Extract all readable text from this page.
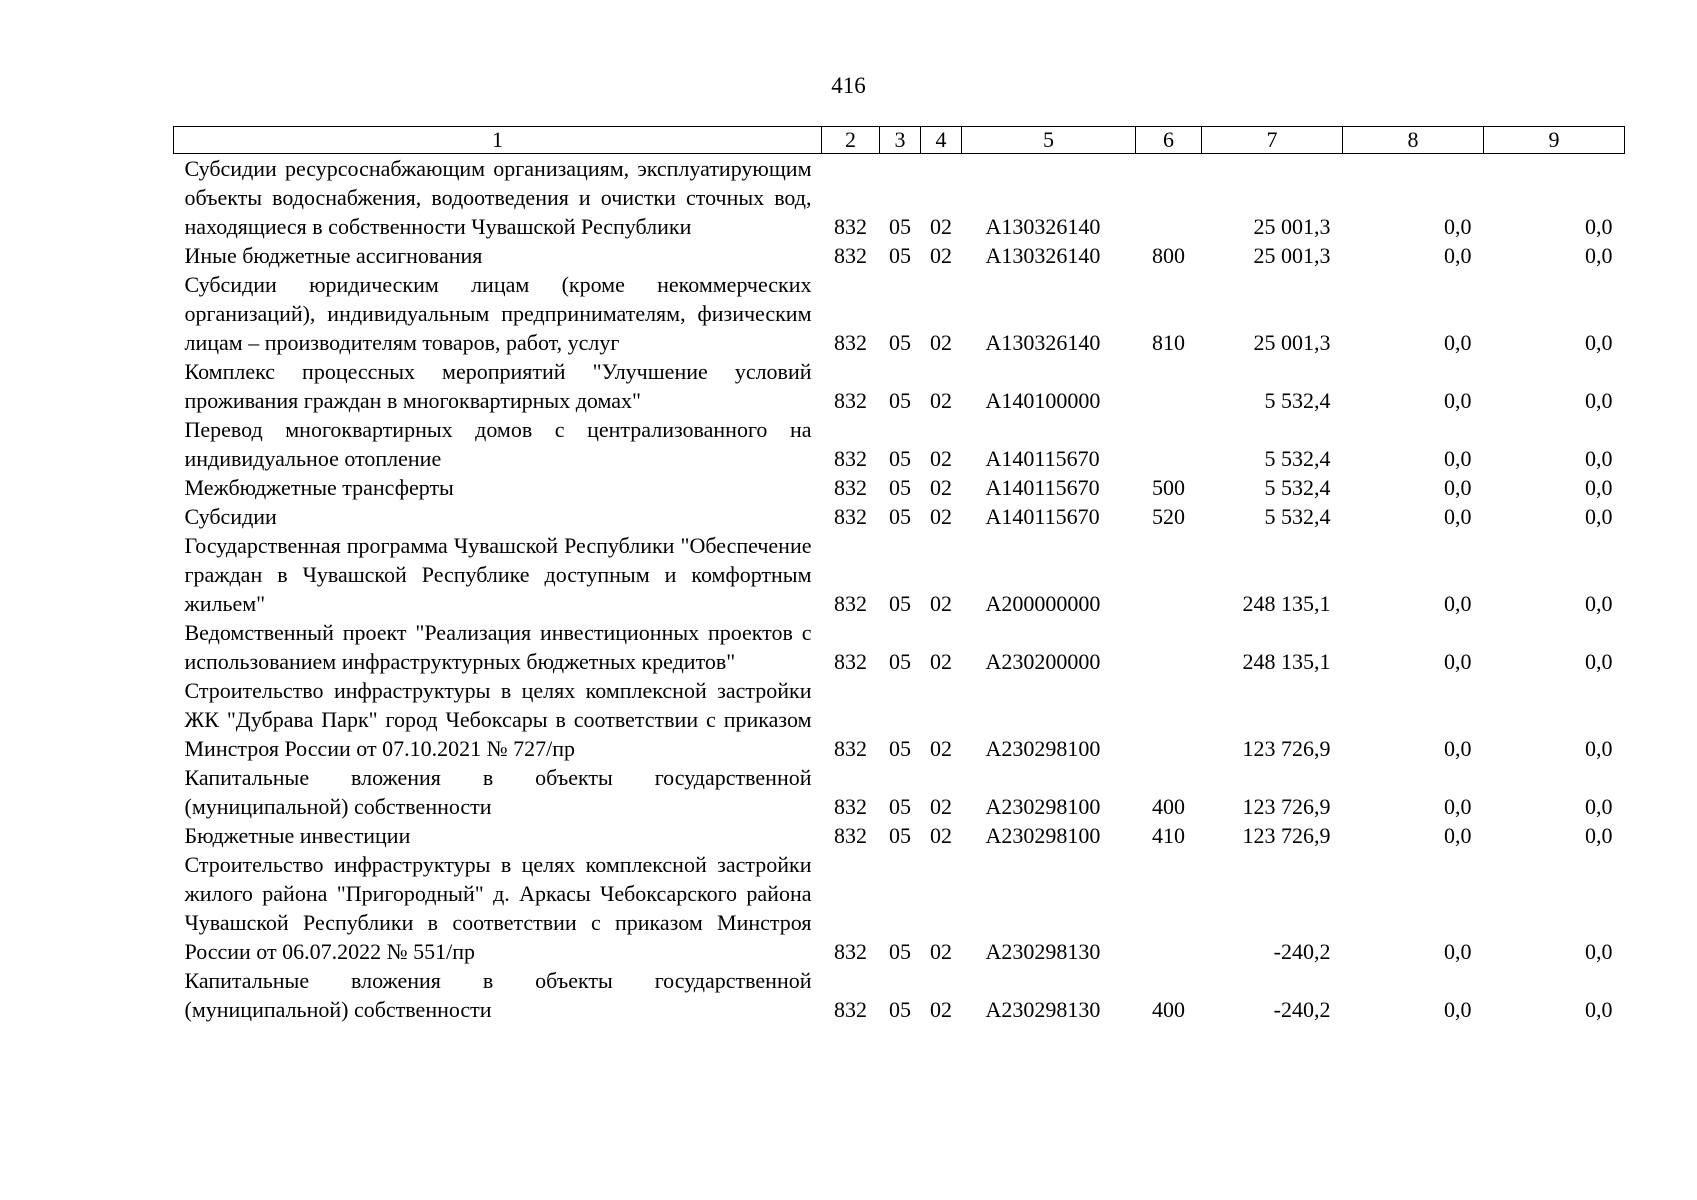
416
1	2	3	4	5	6	7	8	9
Субсидии ресурсоснабжающим организациям, эксплуатирующим объекты водоснабжения, водоотведения и очистки сточных вод, находящиеся в собственности Чувашской Республики	832	05	02	А130326140		25 001,3	0,0	0,0
Иные бюджетные ассигнования	832	05	02	А130326140	800	25 001,3	0,0	0,0
Субсидии юридическим лицам (кроме некоммерческих организаций), индивидуальным предпринимателям, физическим лицам – производителям товаров, работ, услуг	832	05	02	А130326140	810	25 001,3	0,0	0,0
Комплекс процессных мероприятий "Улучшение условий проживания граждан в многоквартирных домах"	832	05	02	А140100000		5 532,4	0,0	0,0
Перевод многоквартирных домов с централизованного на индивидуальное отопление	832	05	02	А140115670		5 532,4	0,0	0,0
Межбюджетные трансферты	832	05	02	А140115670	500	5 532,4	0,0	0,0
Субсидии	832	05	02	А140115670	520	5 532,4	0,0	0,0
Государственная программа Чувашской Республики "Обеспечение граждан в Чувашской Республике доступным и комфортным жильем"	832	05	02	А200000000		248 135,1	0,0	0,0
Ведомственный проект "Реализация инвестиционных проектов с использованием инфраструктурных бюджетных кредитов"	832	05	02	А230200000		248 135,1	0,0	0,0
Строительство инфраструктуры в целях комплексной застройки ЖК "Дубрава Парк" город Чебоксары в соответствии с приказом Минстроя России от 07.10.2021 № 727/пр	832	05	02	А230298100		123 726,9	0,0	0,0
Капитальные вложения в объекты государственной (муниципальной) собственности	832	05	02	А230298100	400	123 726,9	0,0	0,0
Бюджетные инвестиции	832	05	02	А230298100	410	123 726,9	0,0	0,0
Строительство инфраструктуры в целях комплексной застройки жилого района "Пригородный" д. Аркасы Чебоксарского района Чувашской Республики в соответствии с приказом Минстроя России от 06.07.2022 № 551/пр	832	05	02	А230298130		-240,2	0,0	0,0
Капитальные вложения в объекты государственной (муниципальной) собственности	832	05	02	А230298130	400	-240,2	0,0	0,0
